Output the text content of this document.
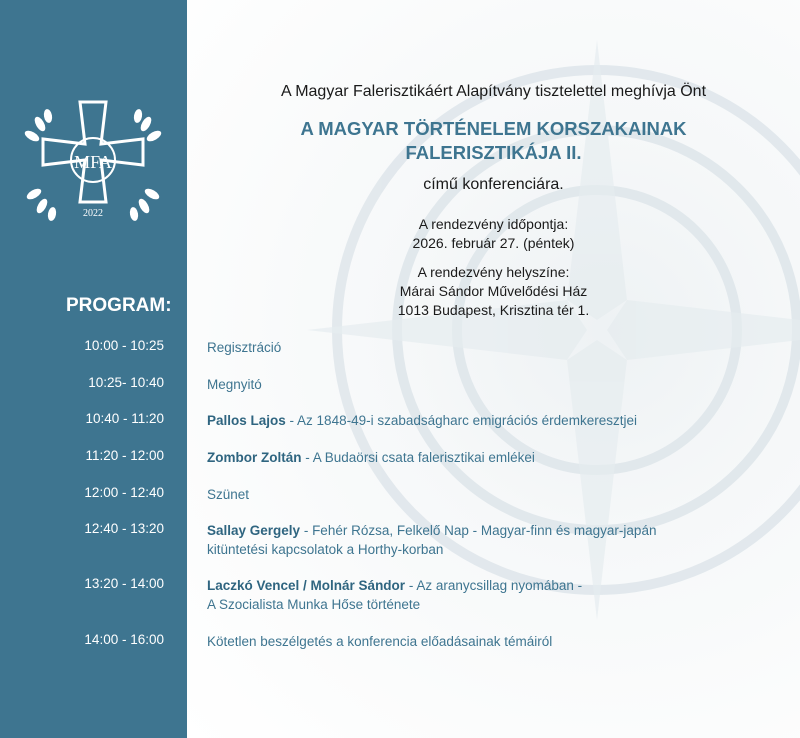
MFA
2022
PROGRAM:
A Magyar Falerisztikáért Alapítvány tisztelettel meghívja Önt
A MAGYAR TÖRTÉNELEM KORSZAKAINAK
FALERISZTIKÁJA II.
című konferenciára.
A rendezvény időpontja:
2026. február 27. (péntek)
A rendezvény helyszíne:
Márai Sándor Művelődési Ház
1013 Budapest, Krisztina tér 1.
10:00 - 10:25	Regisztráció
10:25- 10:40	Megnyitó
10:40 - 11:20	Pallos Lajos - Az 1848-49-i szabadságharc emigrációs érdemkeresztjei
11:20 - 12:00	Zombor Zoltán - A Budaörsi csata falerisztikai emlékei
12:00 - 12:40	Szünet
12:40 - 13:20	Sallay Gergely - Fehér Rózsa, Felkelő Nap - Magyar-finn és magyar-japán
kitüntetési kapcsolatok a Horthy-korban
13:20 - 14:00	Laczkó Vencel / Molnár Sándor - Az aranycsillag nyomában -
A Szocialista Munka Hőse története
14:00 - 16:00	Kötetlen beszélgetés a konferencia előadásainak témáiról
